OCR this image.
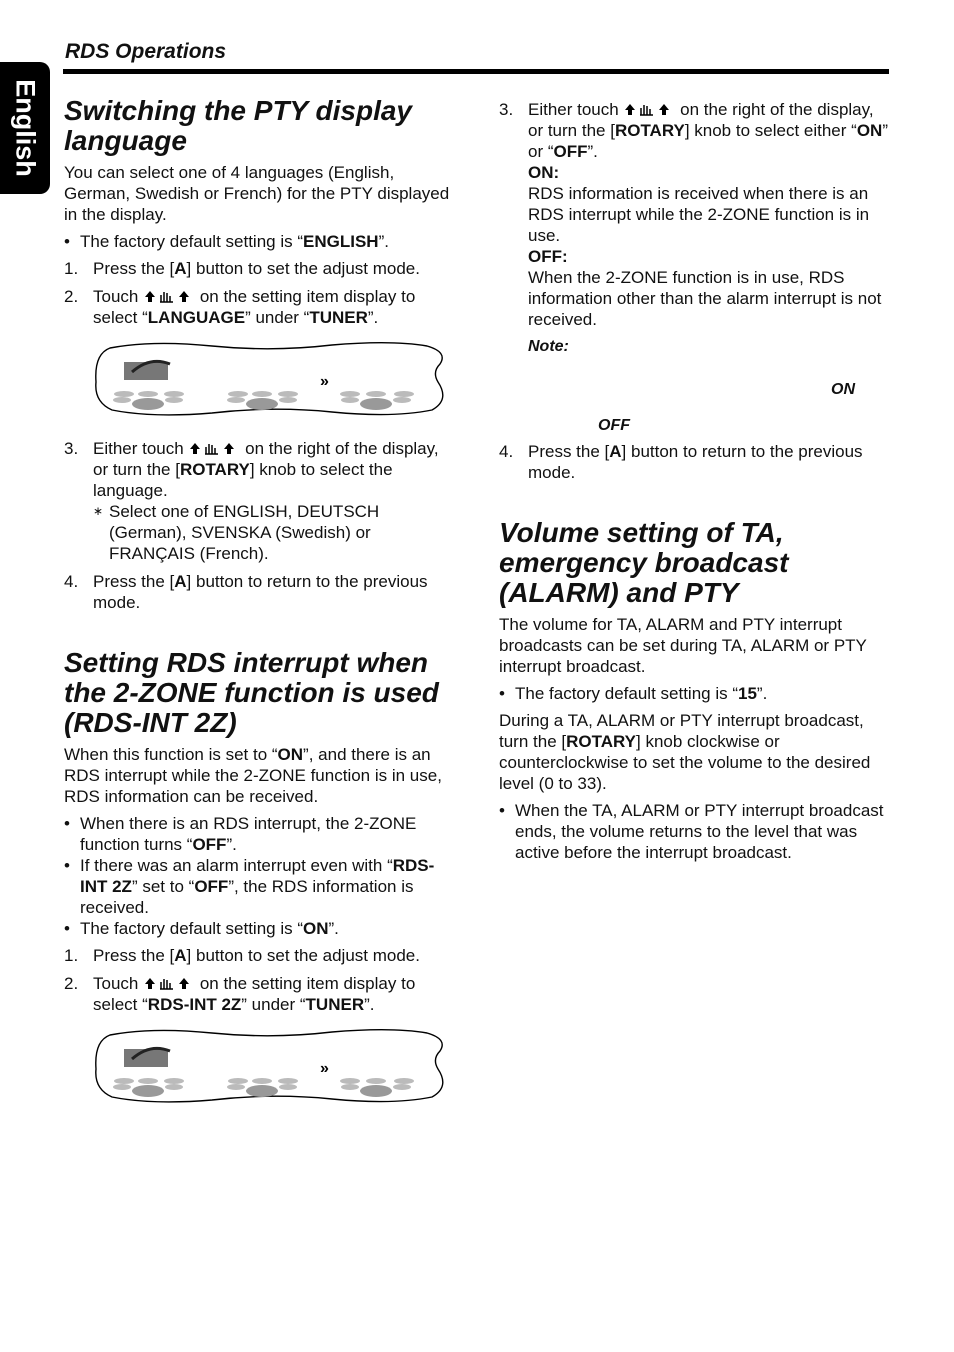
English
RDS Operations
Switching the PTY display language

You can select one of 4 languages (English, German, Swedish or French) for the PTY displayed in the display.

• The factory default setting is “ENGLISH”.
1. Press the [A] button to set the adjust mode.
2. Touch	on the setting item display to select “LANGUAGE” under “TUNER”.
»
3. Either touch	on the right of the display, or turn the [ROTARY] knob to select the language.
∗ Select one of ENGLISH, DEUTSCH (German), SVENSKA (Swedish) or FRANÇAIS (French).
4. Press the [A] button to return to the previous mode.
Setting RDS interrupt when the 2-ZONE function is used (RDS-INT 2Z)

When this function is set to “ON”, and there is an RDS interrupt while the 2-ZONE function is in use, RDS information can be received.

• When there is an RDS interrupt, the 2-ZONE function turns “OFF”.
• If there was an alarm interrupt even with “RDS-INT 2Z” set to “OFF”, the RDS information is received.
• The factory default setting is “ON”.
1. Press the [A] button to set the adjust mode.
2. Touch	on the setting item display to select “RDS-INT 2Z” under “TUNER”.
»
3. Either touch	on the right of the display, or turn the [ROTARY] knob to select either “ON” or “OFF”.
ON:
RDS information is received when there is an RDS interrupt while the 2-ZONE function is in use.
OFF:
When the 2-ZONE function is in use, RDS information other than the alarm interrupt is not received.
Note:
ON
OFF
4. Press the [A] button to return to the previous mode.
Volume setting of TA, emergency broadcast (ALARM) and PTY

The volume for TA, ALARM and PTY interrupt broadcasts can be set during TA, ALARM or PTY interrupt broadcast.

• The factory default setting is “15”.

During a TA, ALARM or PTY interrupt broadcast, turn the [ROTARY] knob clockwise or counterclockwise to set the volume to the desired level (0 to 33).

• When the TA, ALARM or PTY interrupt broadcast ends, the volume returns to the level that was active before the interrupt broadcast.
